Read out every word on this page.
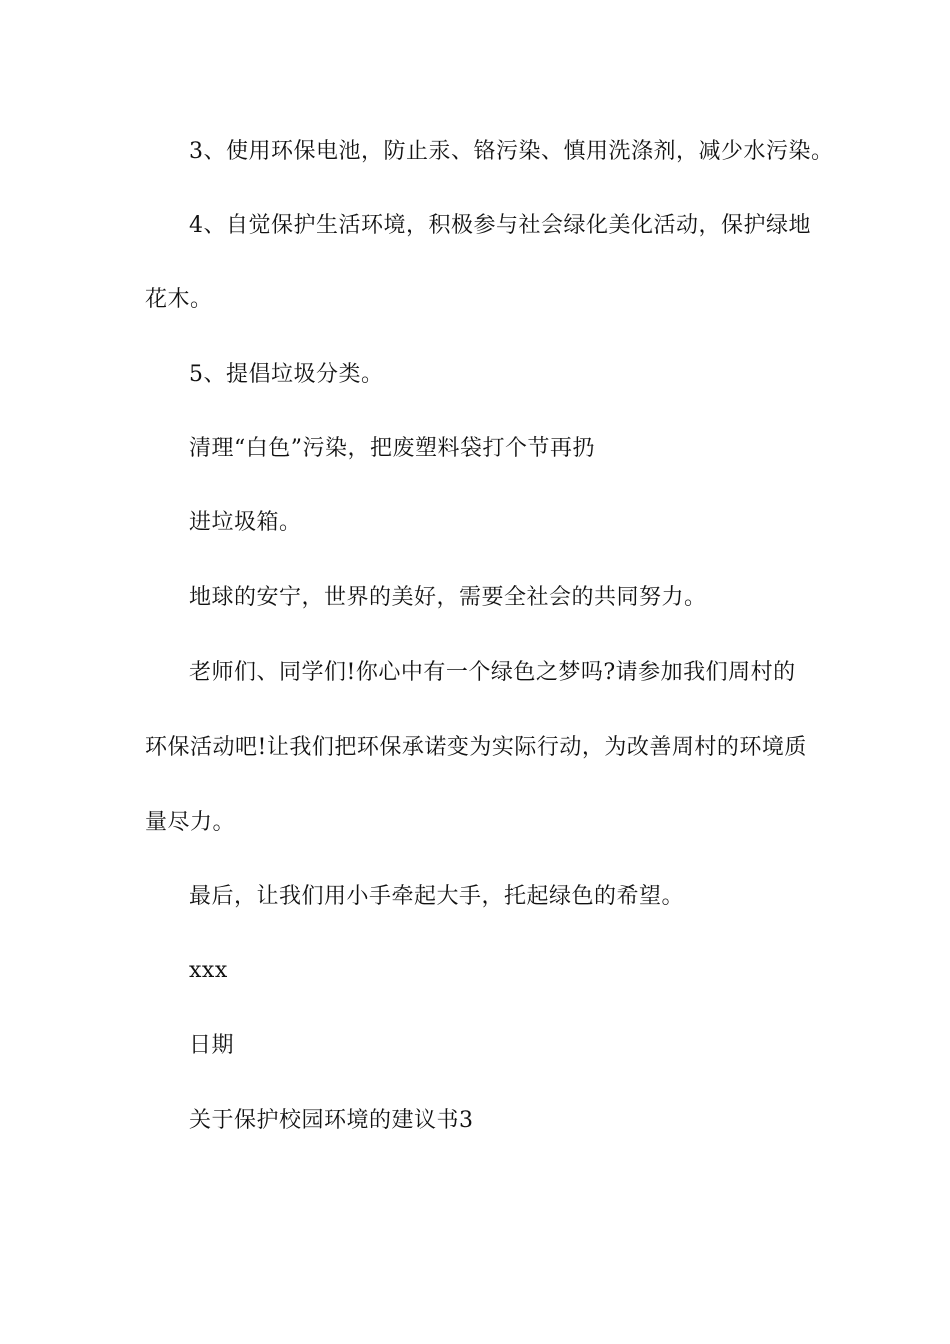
3、使用环保电池，防止汞、铬污染、慎用洗涤剂，减少水污染。
4、自觉保护生活环境，积极参与社会绿化美化活动，保护绿地
花木。
5、提倡垃圾分类。
清理“白色”污染，把废塑料袋打个节再扔
进垃圾箱。
地球的安宁，世界的美好，需要全社会的共同努力。
老师们、同学们!你心中有一个绿色之梦吗?请参加我们周村的
环保活动吧!让我们把环保承诺变为实际行动，为改善周村的环境质
量尽力。
最后，让我们用小手牵起大手，托起绿色的希望。
xxx
日期
关于保护校园环境的建议书3
